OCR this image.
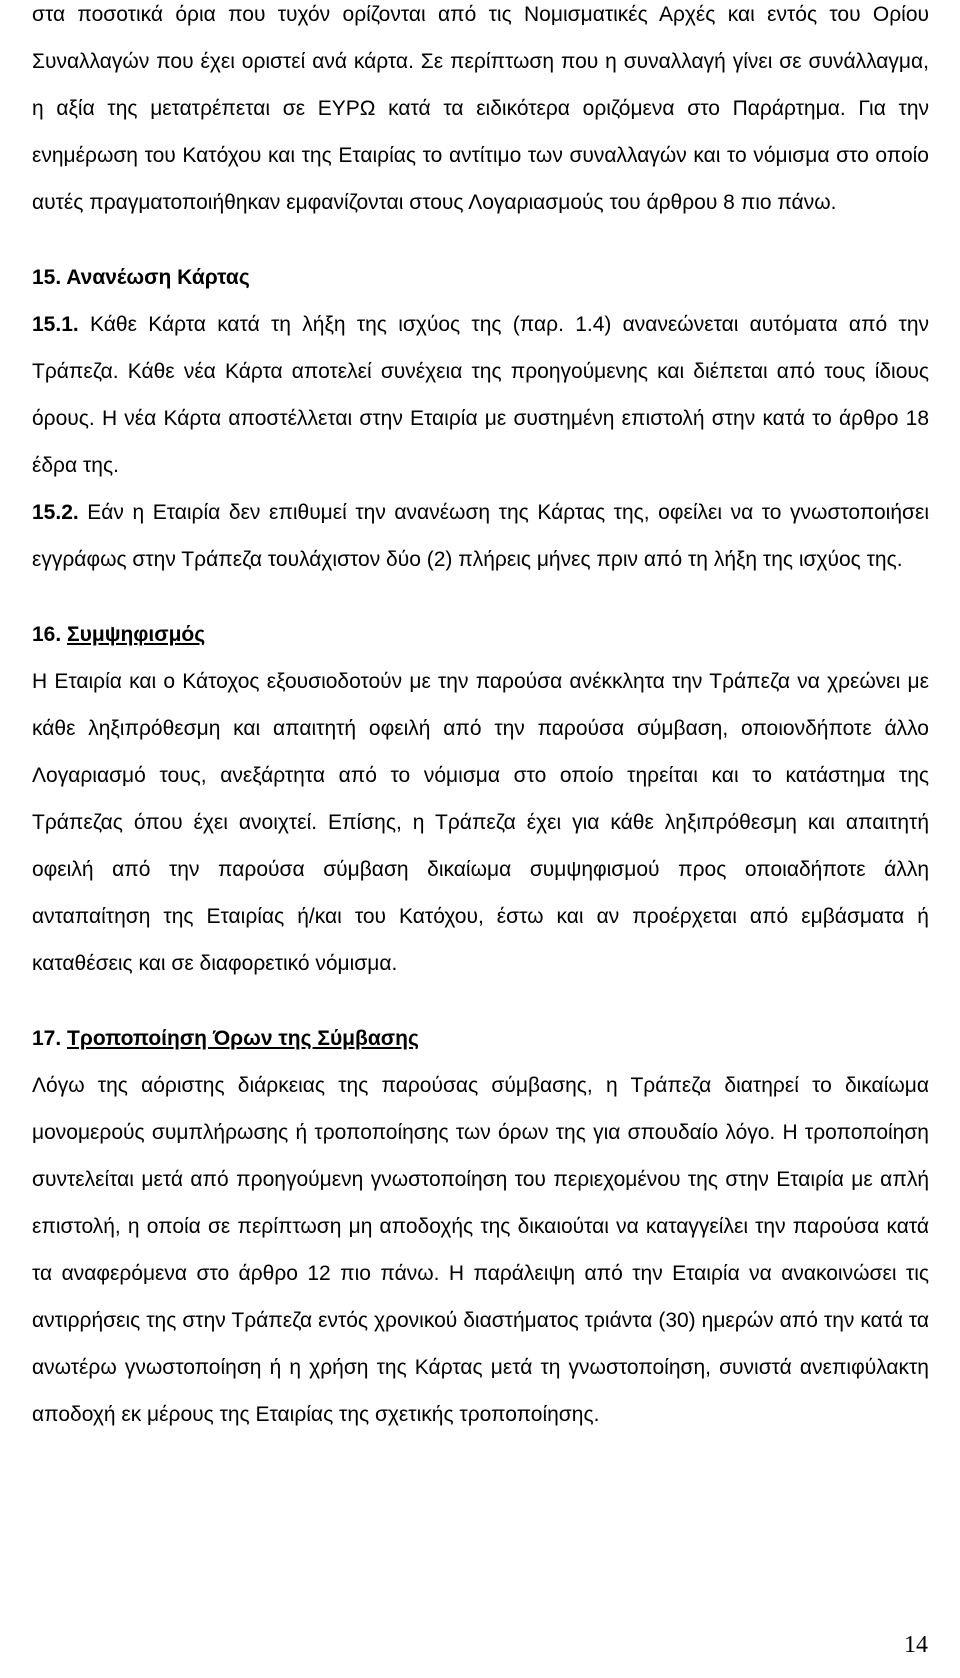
στα ποσοτικά όρια που τυχόν ορίζονται από τις Νομισματικές Αρχές και εντός του Ορίου Συναλλαγών που έχει οριστεί ανά κάρτα. Σε περίπτωση που η συναλλαγή γίνει σε συνάλλαγμα, η αξία της μετατρέπεται σε ΕΥΡΩ κατά τα ειδικότερα οριζόμενα στο Παράρτημα. Για την ενημέρωση του Κατόχου και της Εταιρίας το αντίτιμο των συναλλαγών και το νόμισμα στο οποίο αυτές πραγματοποιήθηκαν εμφανίζονται στους Λογαριασμούς του άρθρου 8 πιο πάνω.

15. Ανανέωση Κάρτας

15.1. Κάθε Κάρτα κατά τη λήξη της ισχύος της (παρ. 1.4) ανανεώνεται αυτόματα από την Τράπεζα. Κάθε νέα Κάρτα αποτελεί συνέχεια της προηγούμενης και διέπεται από τους ίδιους όρους. Η νέα Κάρτα αποστέλλεται στην Εταιρία με συστημένη επιστολή στην κατά το άρθρο 18 έδρα της.

15.2. Εάν η Εταιρία δεν επιθυμεί την ανανέωση της Κάρτας της, οφείλει να το γνωστοποιήσει εγγράφως στην Τράπεζα τουλάχιστον δύο (2) πλήρεις μήνες πριν από τη λήξη της ισχύος της.

16. Συμψηφισμός

Η Εταιρία και ο Κάτοχος εξουσιοδοτούν με την παρούσα ανέκκλητα την Τράπεζα να χρεώνει με κάθε ληξιπρόθεσμη και απαιτητή οφειλή από την παρούσα σύμβαση, οποιονδήποτε άλλο Λογαριασμό τους, ανεξάρτητα από το νόμισμα στο οποίο τηρείται και το κατάστημα της Τράπεζας όπου έχει ανοιχτεί. Επίσης, η Τράπεζα έχει για κάθε ληξιπρόθεσμη και απαιτητή οφειλή από την παρούσα σύμβαση δικαίωμα συμψηφισμού προς οποιαδήποτε άλλη ανταπαίτηση της Εταιρίας ή/και του Κατόχου, έστω και αν προέρχεται από εμβάσματα ή καταθέσεις και σε διαφορετικό νόμισμα.

17. Τροποποίηση Όρων της Σύμβασης

Λόγω της αόριστης διάρκειας της παρούσας σύμβασης, η Τράπεζα διατηρεί το δικαίωμα μονομερούς συμπλήρωσης ή τροποποίησης των όρων της για σπουδαίο λόγο. Η τροποποίηση συντελείται μετά από προηγούμενη γνωστοποίηση του περιεχομένου της στην Εταιρία με απλή επιστολή, η οποία σε περίπτωση μη αποδοχής της δικαιούται να καταγγείλει την παρούσα κατά τα αναφερόμενα στο άρθρο 12 πιο πάνω. Η παράλειψη από την Εταιρία να ανακοινώσει τις αντιρρήσεις της στην Τράπεζα εντός χρονικού διαστήματος τριάντα (30) ημερών από την κατά τα ανωτέρω γνωστοποίηση ή η χρήση της Κάρτας μετά τη γνωστοποίηση, συνιστά ανεπιφύλακτη αποδοχή εκ μέρους της Εταιρίας της σχετικής τροποποίησης.

14
